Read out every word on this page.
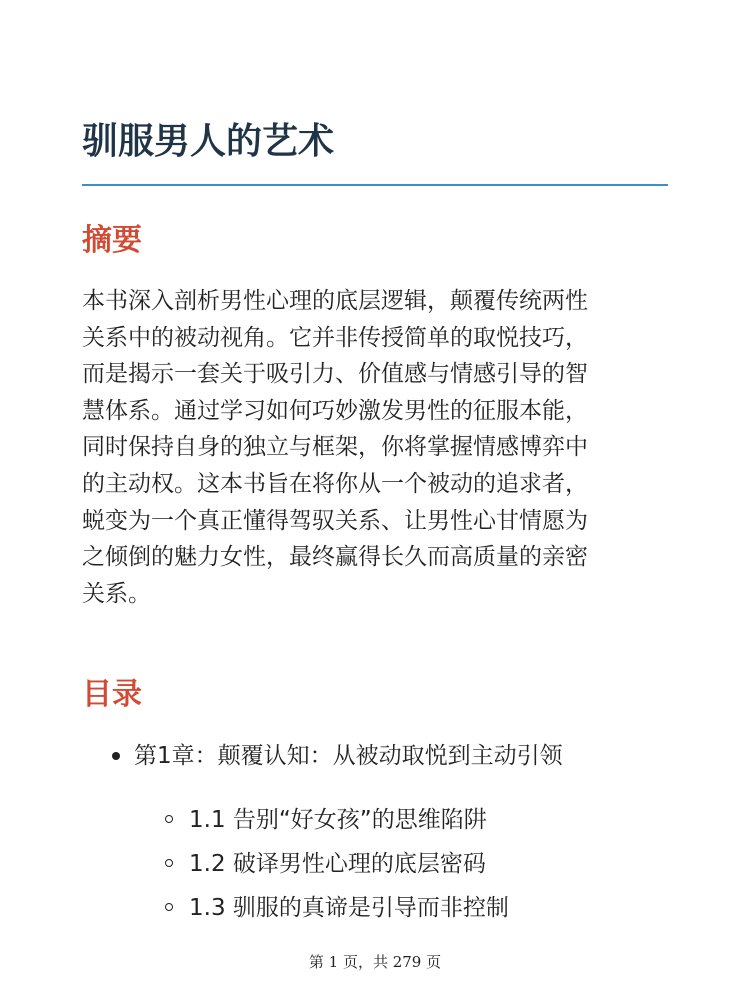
驯服男人的艺术
摘要

本书深入剖析男性心理的底层逻辑，颠覆传统两性
关系中的被动视角。它并非传授简单的取悦技巧，
而是揭示一套关于吸引力、价值感与情感引导的智
慧体系。通过学习如何巧妙激发男性的征服本能，
同时保持自身的独立与框架，你将掌握情感博弈中
的主动权。这本书旨在将你从一个被动的追求者，
蜕变为一个真正懂得驾驭关系、让男性心甘情愿为
之倾倒的魅力女性，最终赢得长久而高质量的亲密
关系。

目录
第1章：颠覆认知：从被动取悦到主动引领
1.1 告别“好女孩”的思维陷阱
1.2 破译男性心理的底层密码
1.3 驯服的真谛是引导而非控制
第 1 页，共 279 页
